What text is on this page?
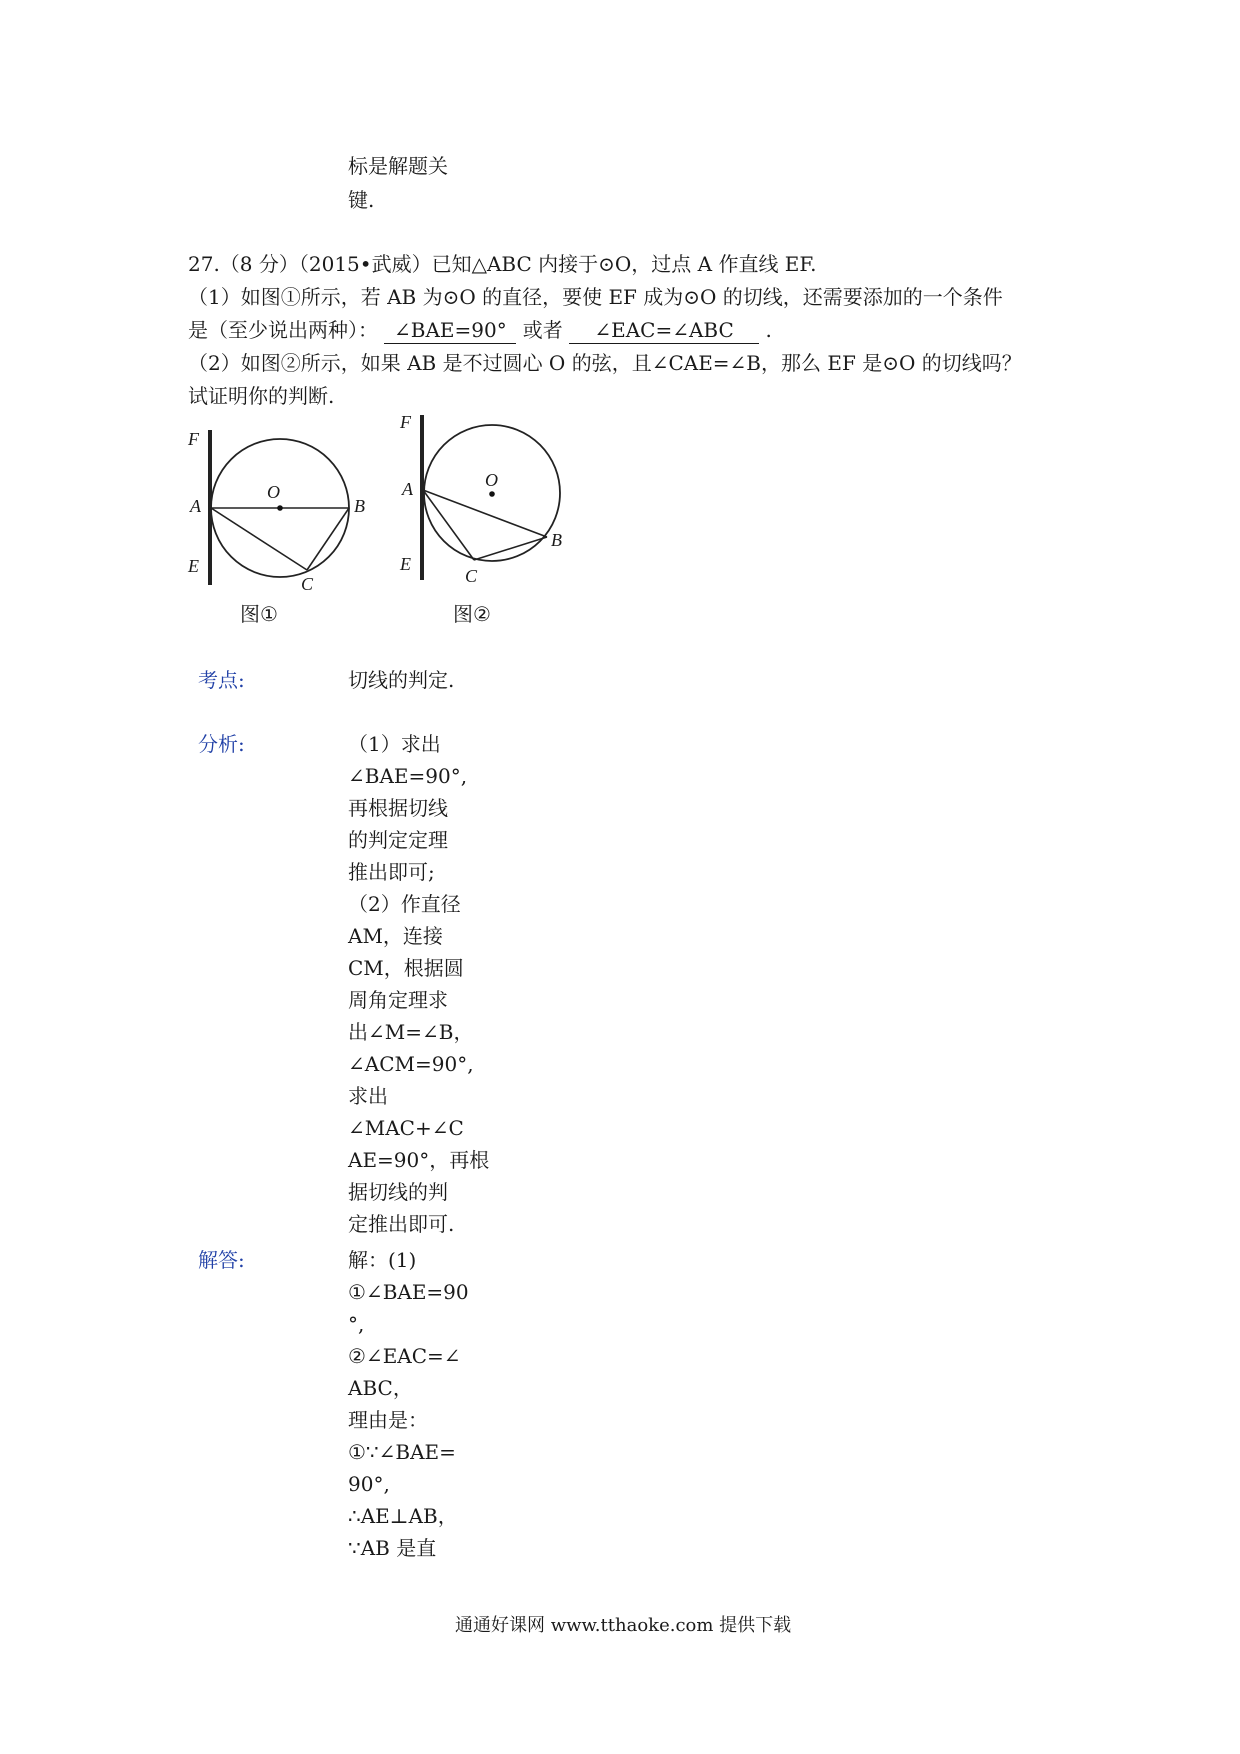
标是解题关
键.
27.（8 分）（2015•武威）已知△ABC 内接于⊙O，过点 A 作直线 EF.
（1）如图①所示，若 AB 为⊙O 的直径，要使 EF 成为⊙O 的切线，还需要添加的一个条件
是（至少说出两种）： ∠BAE=90° 或者 ∠EAC=∠ABC .
（2）如图②所示，如果 AB 是不过圆心 O 的弦，且∠CAE=∠B，那么 EF 是⊙O 的切线吗？
试证明你的判断.
F
A
E
O
B
C
图①
F
A
E
O
B
C
图②
考点:	切线的判定.
分析:	（1）求出
∠BAE=90°,
再根据切线
的判定定理
推出即可;
（2）作直径
AM，连接
CM，根据圆
周角定理求
出∠M=∠B，
∠ACM=90°,
求出
∠MAC+∠C
AE=90°，再根
据切线的判
定推出即可.
解答:	解：(1)
①∠BAE=90
°,
②∠EAC=∠
ABC，
理由是：
①∵∠BAE=
90°,
∴AE⊥AB，
∵AB 是直
通通好课网 www.tthaoke.com 提供下载
